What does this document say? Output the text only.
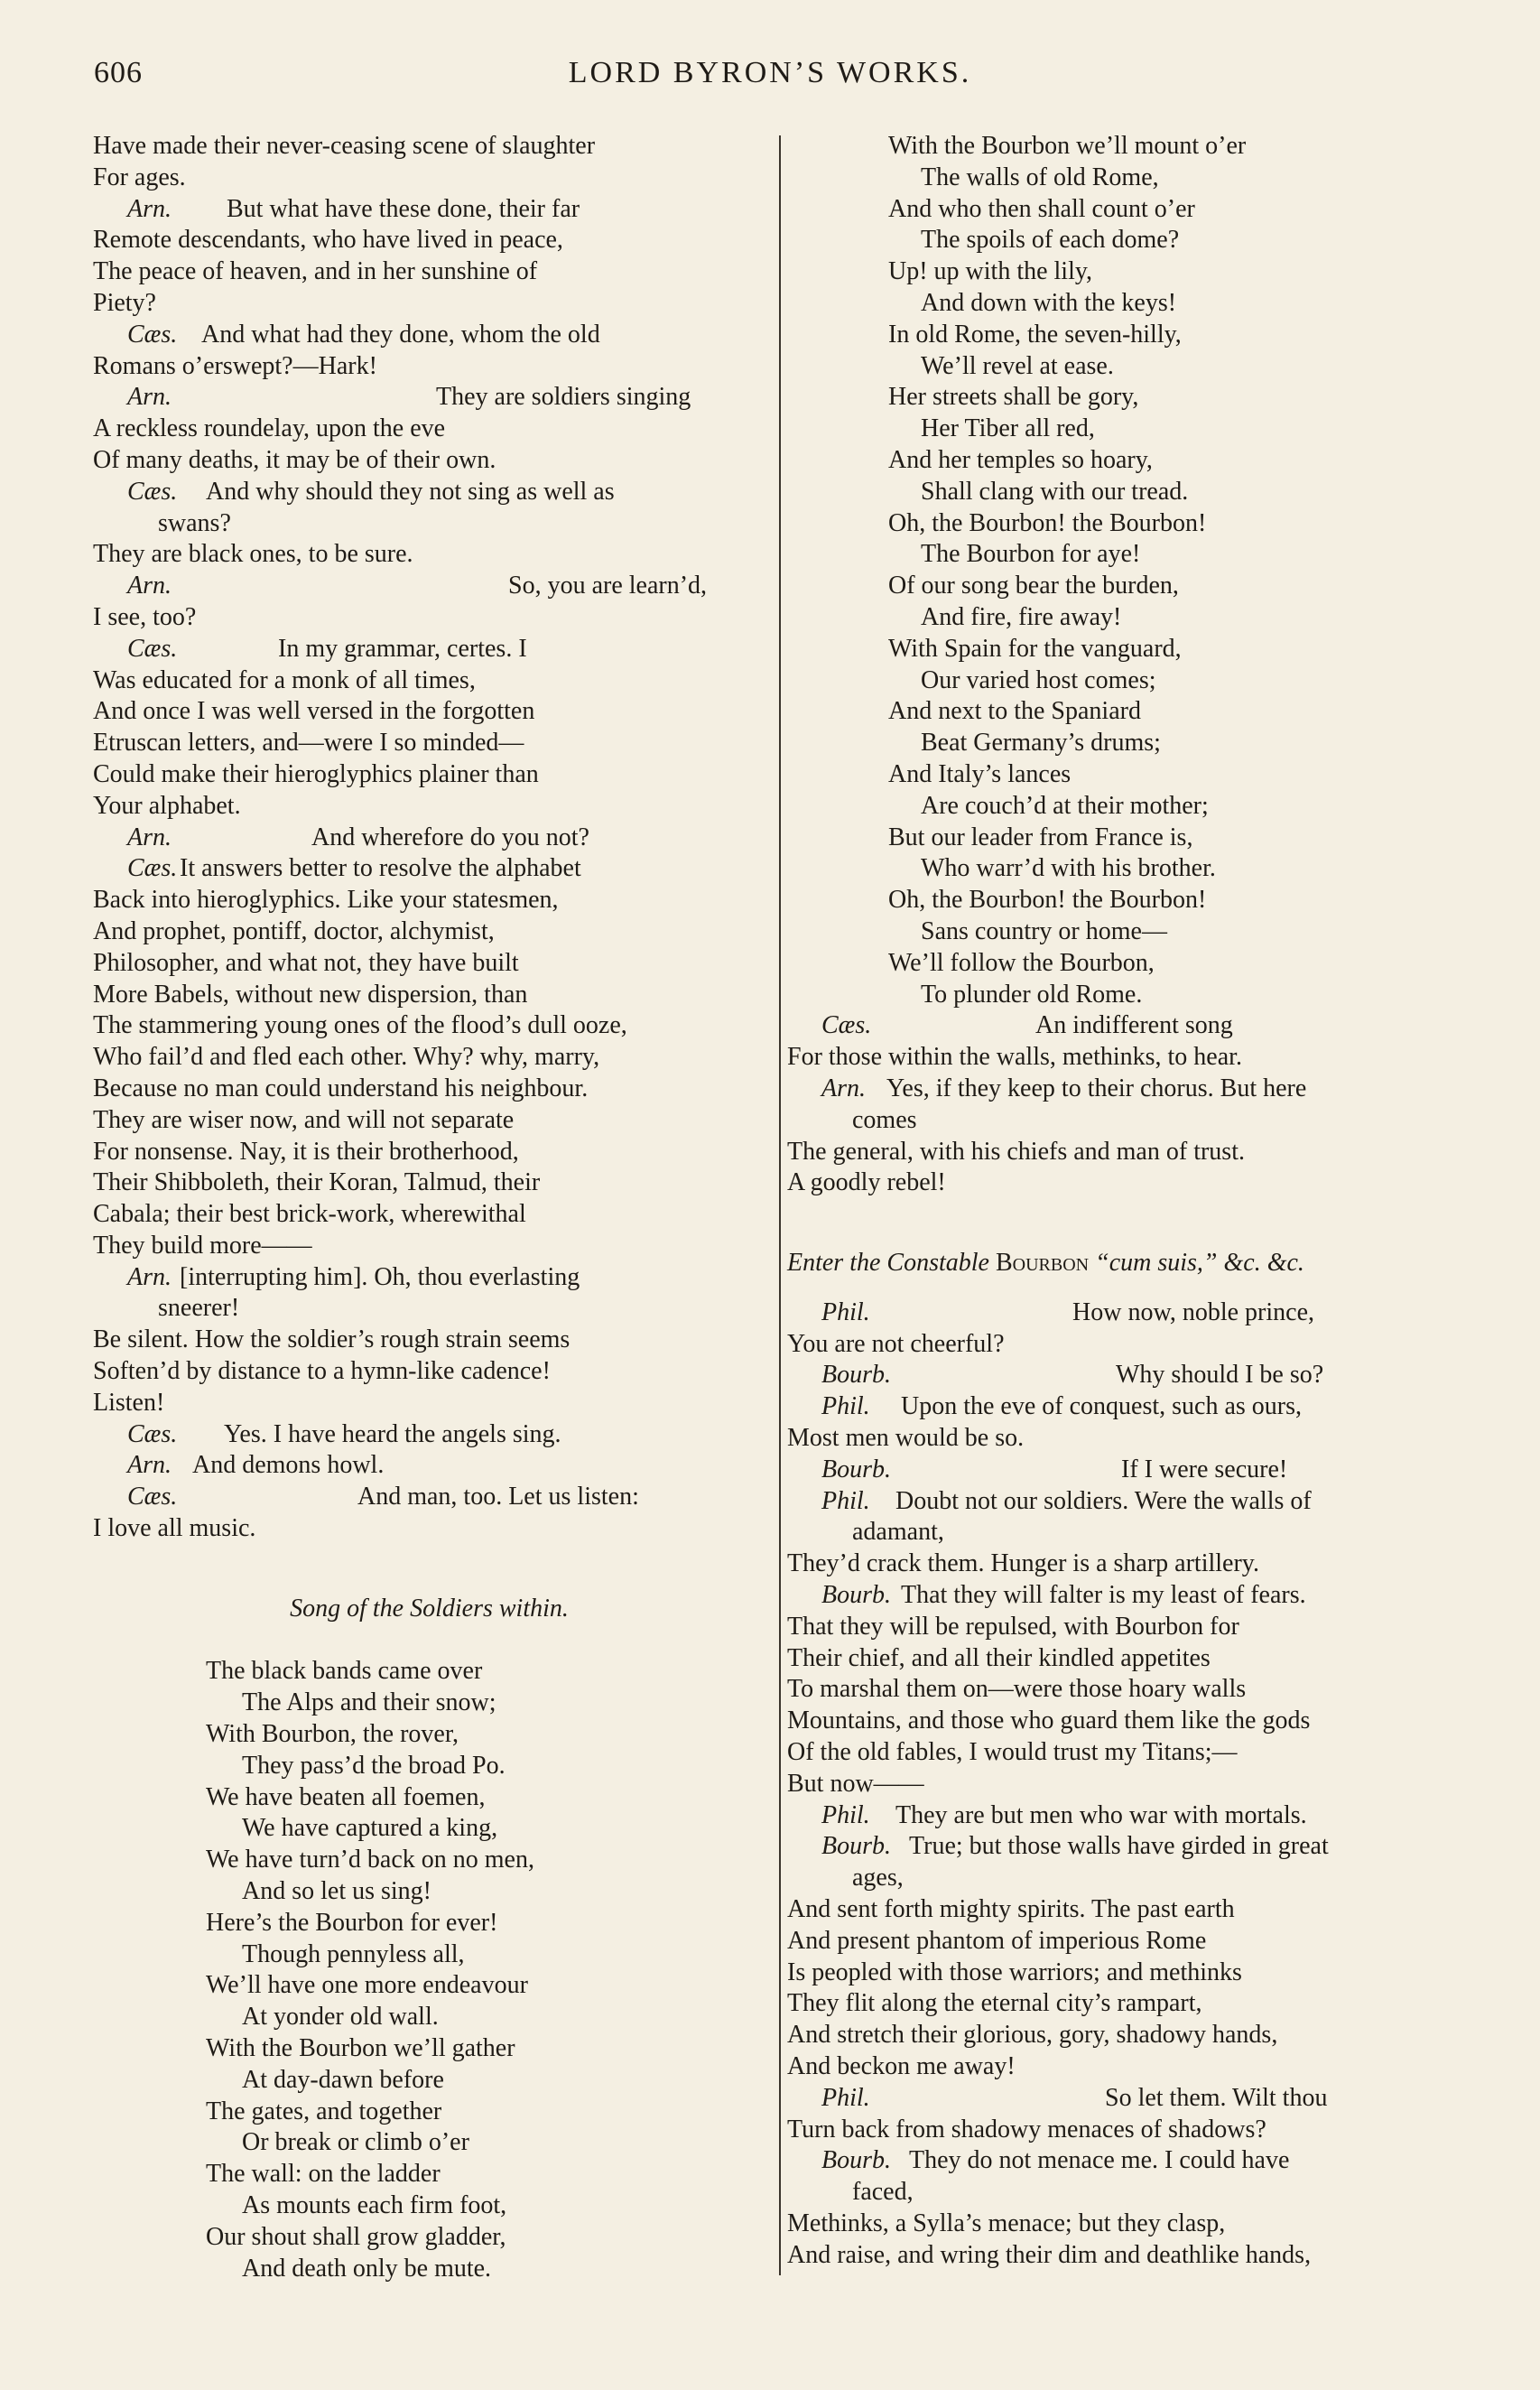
606	LORD BYRON’S WORKS.
Have made their never-ceasing scene of slaughter
For ages.
Arn. But what have these done, their far
Remote descendants, who have lived in peace,
The peace of heaven, and in her sunshine of
Piety?
Cæs. And what had they done, whom the old
Romans o’erswept?—Hark!
Arn.	They are soldiers singing
A reckless roundelay, upon the eve
Of many deaths, it may be of their own.
Cæs. And why should they not sing as well as
swans?
They are black ones, to be sure.
Arn.	So, you are learn’d,
I see, too?
Cæs.	In my grammar, certes. I
Was educated for a monk of all times,
And once I was well versed in the forgotten
Etruscan letters, and—were I so minded—
Could make their hieroglyphics plainer than
Your alphabet.
Arn.	And wherefore do you not?
Cæs. It answers better to resolve the alphabet
Back into hieroglyphics. Like your statesmen,
And prophet, pontiff, doctor, alchymist,
Philosopher, and what not, they have built
More Babels, without new dispersion, than
The stammering young ones of the flood’s dull ooze,
Who fail’d and fled each other. Why? why, marry,
Because no man could understand his neighbour.
They are wiser now, and will not separate
For nonsense. Nay, it is their brotherhood,
Their Shibboleth, their Koran, Talmud, their
Cabala; their best brick-work, wherewithal
They build more——
Arn. [interrupting him]. Oh, thou everlasting
sneerer!
Be silent. How the soldier’s rough strain seems
Soften’d by distance to a hymn-like cadence!
Listen!
Cæs. Yes. I have heard the angels sing.
Arn. And demons howl.
Cæs.	And man, too. Let us listen:
I love all music.
Song of the Soldiers within.
The black bands came over
The Alps and their snow;
With Bourbon, the rover,
They pass’d the broad Po.
We have beaten all foemen,
We have captured a king,
We have turn’d back on no men,
And so let us sing!
Here’s the Bourbon for ever!
Though pennyless all,
We’ll have one more endeavour
At yonder old wall.
With the Bourbon we’ll gather
At day-dawn before
The gates, and together
Or break or climb o’er
The wall: on the ladder
As mounts each firm foot,
Our shout shall grow gladder,
And death only be mute.
With the Bourbon we’ll mount o’er
The walls of old Rome,
And who then shall count o’er
The spoils of each dome?
Up! up with the lily,
And down with the keys!
In old Rome, the seven-hilly,
We’ll revel at ease.
Her streets shall be gory,
Her Tiber all red,
And her temples so hoary,
Shall clang with our tread.
Oh, the Bourbon! the Bourbon!
The Bourbon for aye!
Of our song bear the burden,
And fire, fire away!
With Spain for the vanguard,
Our varied host comes;
And next to the Spaniard
Beat Germany’s drums;
And Italy’s lances
Are couch’d at their mother;
But our leader from France is,
Who warr’d with his brother.
Oh, the Bourbon! the Bourbon!
Sans country or home—
We’ll follow the Bourbon,
To plunder old Rome.
Cæs.	An indifferent song
For those within the walls, methinks, to hear.
Arn. Yes, if they keep to their chorus. But here
comes
The general, with his chiefs and man of trust.
A goodly rebel!
Enter the Constable Bourbon “cum suis,” &c. &c.
Phil.	How now, noble prince,
You are not cheerful?
Bourb.	Why should I be so?
Phil. Upon the eve of conquest, such as ours,
Most men would be so.
Bourb.	If I were secure!
Phil. Doubt not our soldiers. Were the walls of
adamant,
They’d crack them. Hunger is a sharp artillery.
Bourb. That they will falter is my least of fears.
That they will be repulsed, with Bourbon for
Their chief, and all their kindled appetites
To marshal them on—were those hoary walls
Mountains, and those who guard them like the gods
Of the old fables, I would trust my Titans;—
But now——
Phil. They are but men who war with mortals.
Bourb. True; but those walls have girded in great
ages,
And sent forth mighty spirits. The past earth
And present phantom of imperious Rome
Is peopled with those warriors; and methinks
They flit along the eternal city’s rampart,
And stretch their glorious, gory, shadowy hands,
And beckon me away!
Phil.	So let them. Wilt thou
Turn back from shadowy menaces of shadows?
Bourb. They do not menace me. I could have
faced,
Methinks, a Sylla’s menace; but they clasp,
And raise, and wring their dim and deathlike hands,
